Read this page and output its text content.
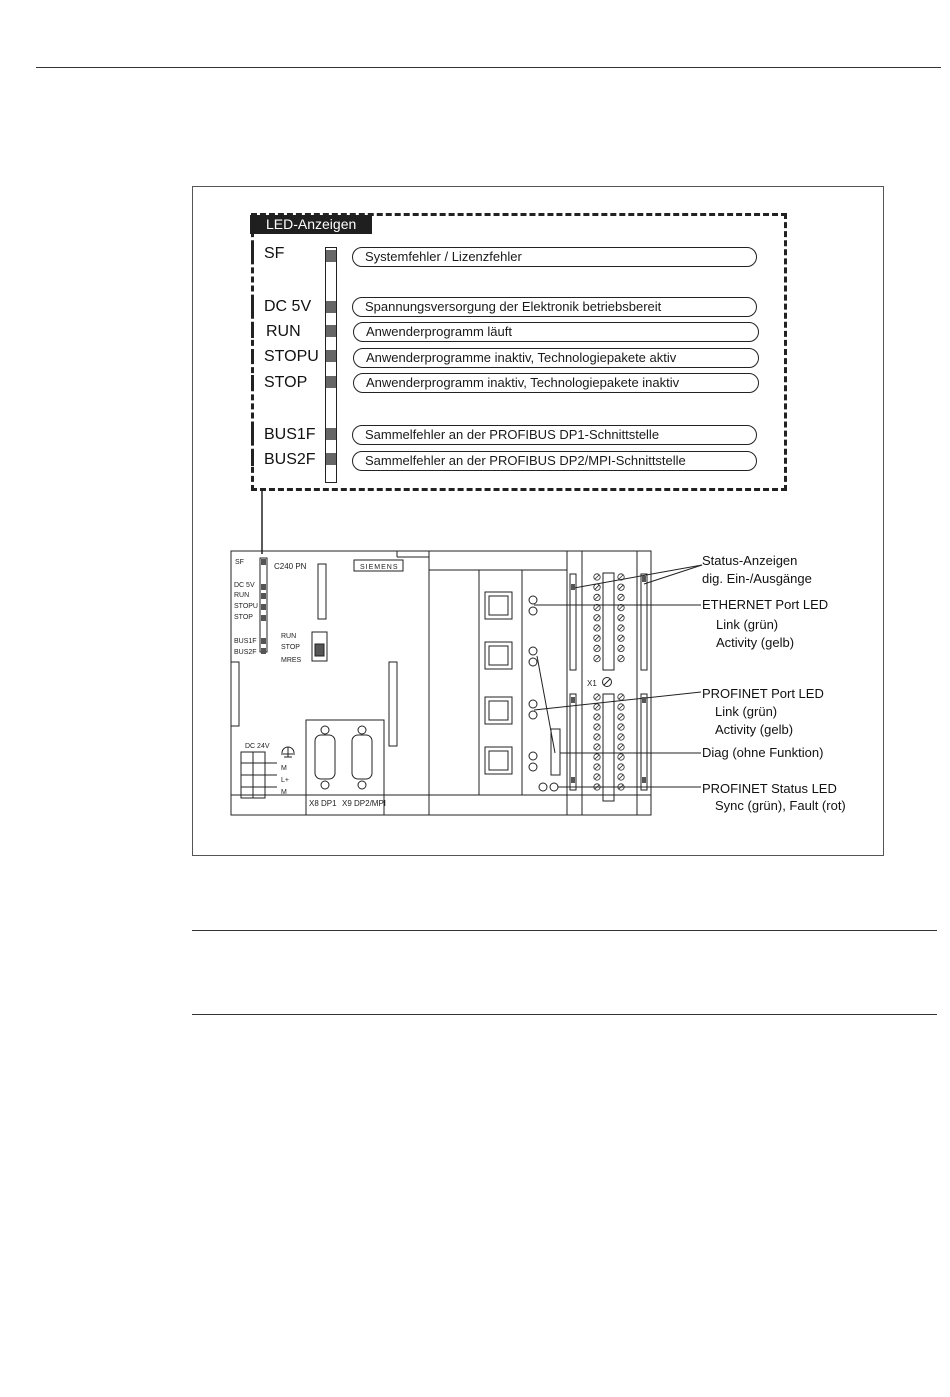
LED-Anzeigen
SF
DC 5V
RUN
STOPU
STOP
BUS1F
BUS2F
Systemfehler / Lizenzfehler
Spannungsversorgung der Elektronik betriebsbereit
Anwenderprogramm läuft
Anwenderprogramme inaktiv, Technologiepakete aktiv
Anwenderprogramm inaktiv, Technologiepakete inaktiv
Sammelfehler an der PROFIBUS DP1-Schnittstelle
Sammelfehler an der PROFIBUS DP2/MPI-Schnittstelle
SF
DC 5V
RUN
STOPU
STOP
BUS1F
BUS2F
RUN
STOP
MRES
DC 24V
M
L+
M
C240 PN	SIEMENS
X8 DP1 X9 DP2/MPI
X1
Status-Anzeigen
dig. Ein-/Ausgänge
ETHERNET Port LED
Link (grün)
Activity (gelb)
PROFINET Port LED
Link (grün)
Activity (gelb)
Diag (ohne Funktion)
PROFINET Status LED
Sync (grün), Fault (rot)
